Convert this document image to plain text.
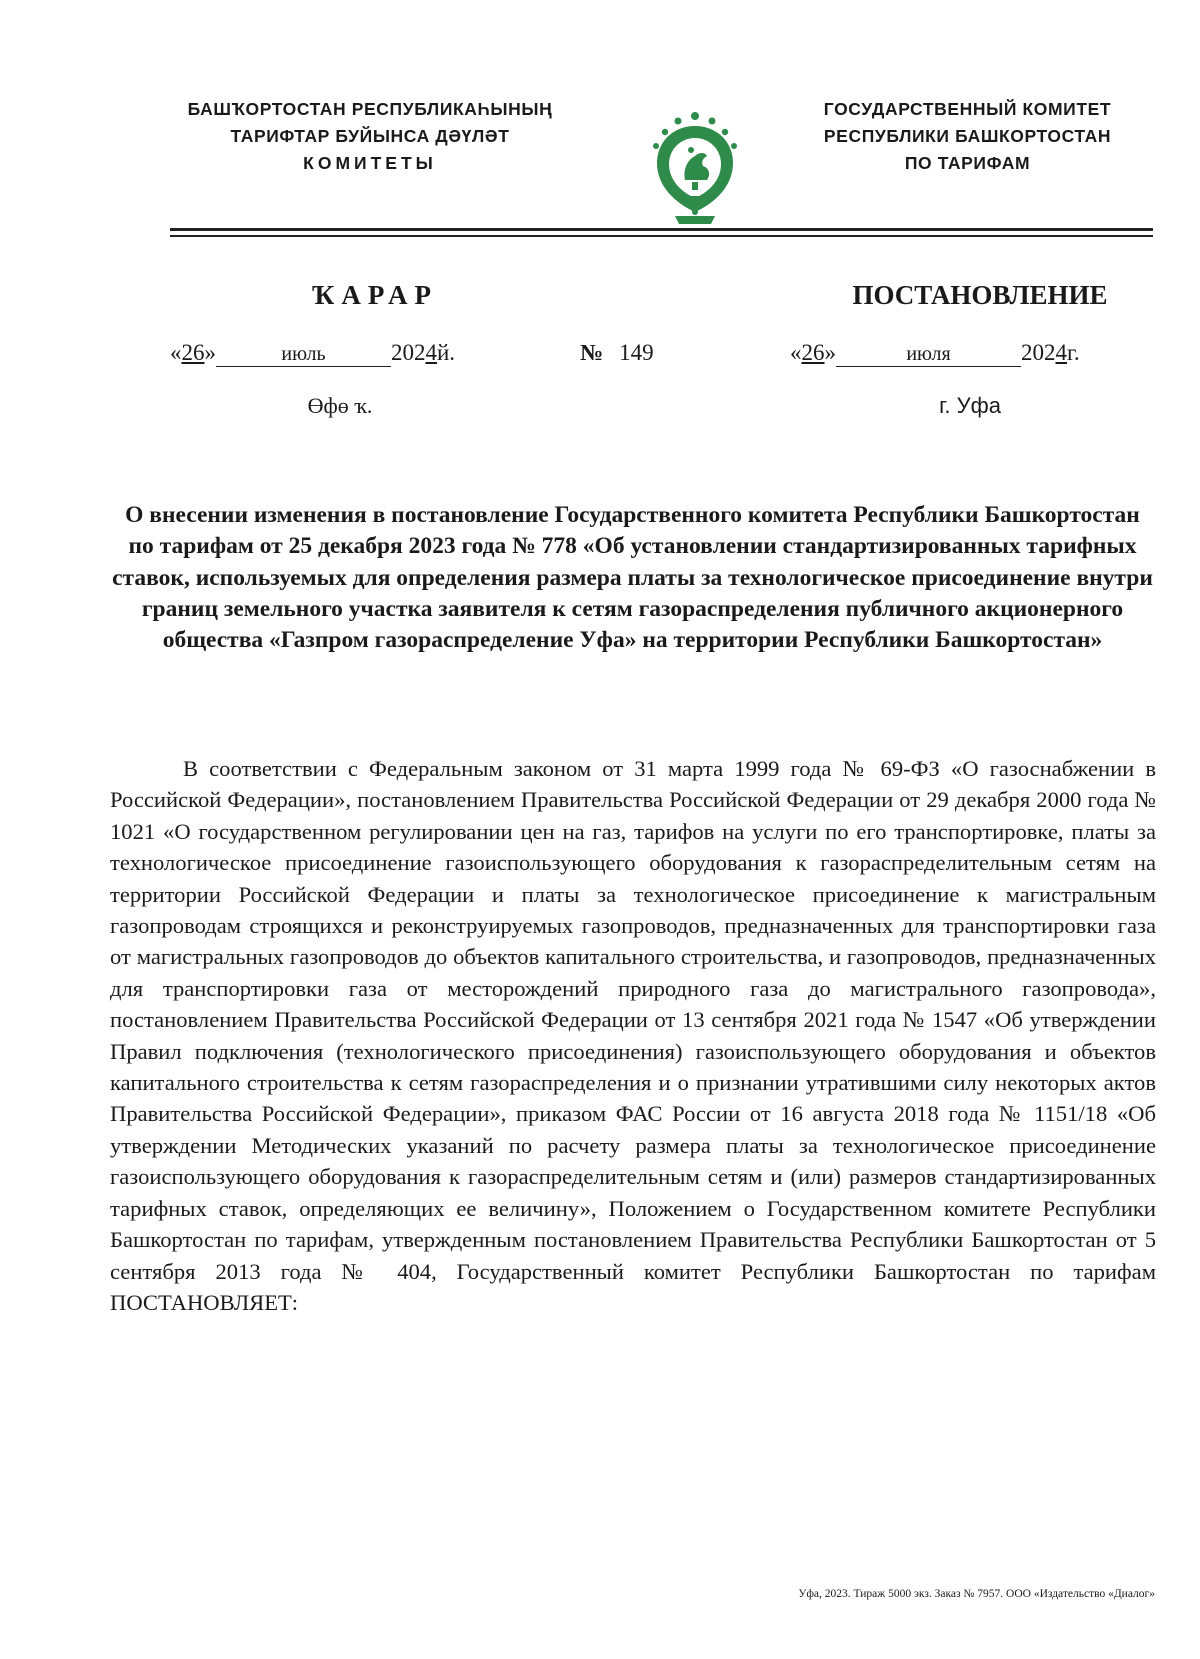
БАШҠОРТОСТАН РЕСПУБЛИКАҺЫНЫҢ
ТАРИФТАР БУЙЫНСА ДӘҮЛӘТ
КОМИТЕТЫ
ГОСУДАРСТВЕННЫЙ КОМИТЕТ
РЕСПУБЛИКИ БАШКОРТОСТАН
ПО ТАРИФАМ
ҠАРАР	ПОСТАНОВЛЕНИЕ
«26»	июль	2024й.	№ 149	«26»	июля	2024г.
Өфө ҡ.	г. Уфа
О внесении изменения в постановление Государственного комитета Республики Башкортостан по тарифам от 25 декабря 2023 года № 778 «Об установлении стандартизированных тарифных ставок, используемых для определения размера платы за технологическое присоединение внутри границ земельного участка заявителя к сетям газораспределения публичного акционерного общества «Газпром газораспределение Уфа» на территории Республики Башкортостан»

В соответствии с Федеральным законом от 31 марта 1999 года № 69-ФЗ «О газоснабжении в Российской Федерации», постановлением Правительства Российской Федерации от 29 декабря 2000 года № 1021 «О государственном регулировании цен на газ, тарифов на услуги по его транспортировке, платы за технологическое присоединение газоиспользующего оборудования к газораспределительным сетям на территории Российской Федерации и платы за технологическое присоединение к магистральным газопроводам строящихся и реконструируемых газопроводов, предназначенных для транспортировки газа от магистральных газопроводов до объектов капитального строительства, и газопроводов, предназначенных для транспортировки газа от месторождений природного газа до магистрального газопровода», постановлением Правительства Российской Федерации от 13 сентября 2021 года № 1547 «Об утверждении Правил подключения (технологического присоединения) газоиспользующего оборудования и объектов капитального строительства к сетям газораспределения и о признании утратившими силу некоторых актов Правительства Российской Федерации», приказом ФАС России от 16 августа 2018 года № 1151/18 «Об утверждении Методических указаний по расчету размера платы за технологическое присоединение газоиспользующего оборудования к газораспределительным сетям и (или) размеров стандартизированных тарифных ставок, определяющих ее величину», Положением о Государственном комитете Республики Башкортостан по тарифам, утвержденным постановлением Правительства Республики Башкортостан от 5 сентября 2013 года № 404, Государственный комитет Республики Башкортостан по тарифам ПОСТАНОВЛЯЕТ:

Уфа, 2023. Тираж 5000 экз. Заказ № 7957. ООО «Издательство «Диалог»
